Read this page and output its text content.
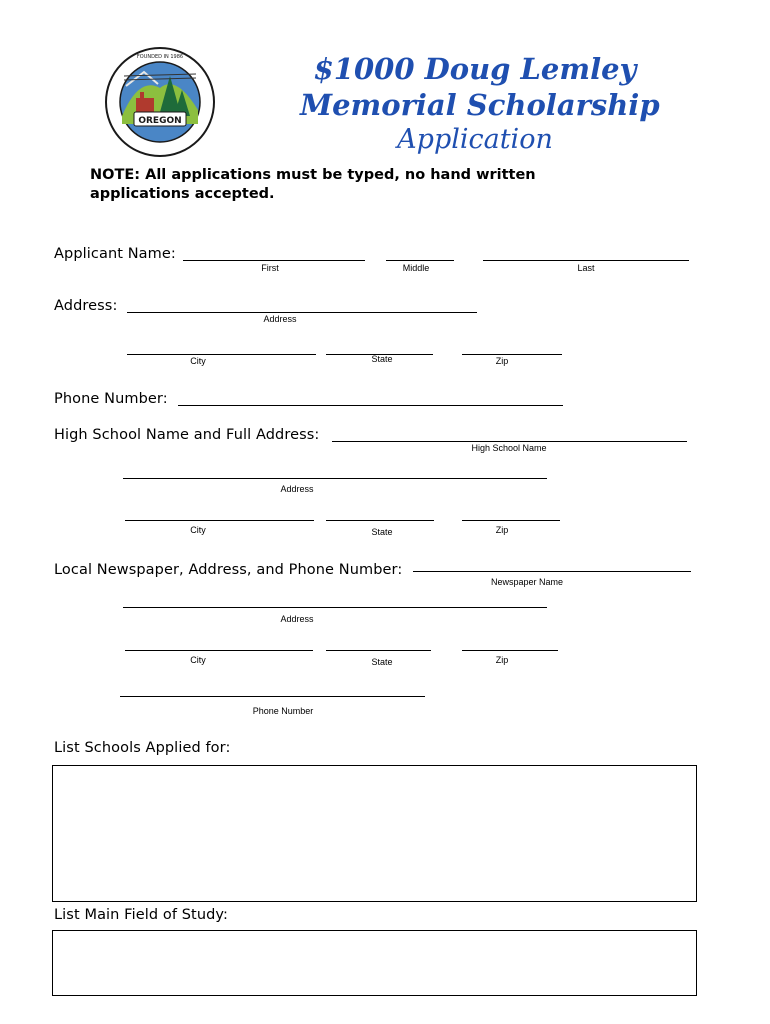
OREGON
FOUNDED IN 1986	$1000 Doug Lemley
Memorial Scholarship
Application
NOTE: All applications must be typed, no hand written applications accepted.
Applicant Name:
First	Middle	Last
Address:
Address
City	State	Zip
Phone Number:
High School Name and Full Address:
High School Name
Address
City	State	Zip
Local Newspaper, Address, and Phone Number:
Newspaper Name
Address
City	State	Zip
Phone Number
List Schools Applied for:
List Main Field of Study:
